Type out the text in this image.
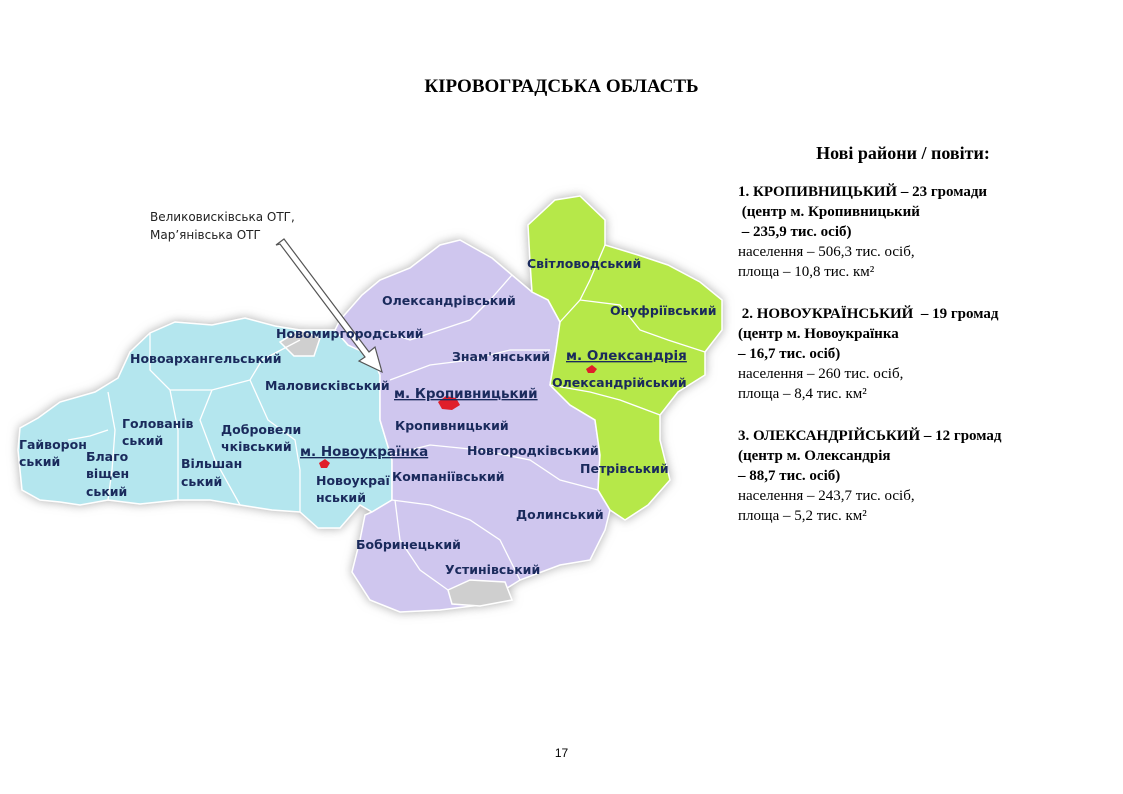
КІРОВОГРАДСЬКА ОБЛАСТЬ
Великовисківська ОТГ,
Мар’янівська ОТГ
Світловодський
Онуфріївський
Олександрівський
Новомиргородський
Знам'янський м. Олександрія
Олександрійський
Новоархангельський
Маловисківський
м. Кропивницький
Кропивницький
Голованів
ський
Добровели
чківський м. Новоукраїнка
Гайворон
ський Благо
віщен
ський
Вільшан
ський	Новоукраї
нський
Новгородківський
Петрівський
Компаніївський
Долинський
Бобринецький
Устинівський
Нові райони / повіти:
1. КРОПИВНИЦЬКИЙ – 23 громади
(центр м. Кропивницький
– 235,9 тис. осіб)
населення – 506,3 тис. осіб,
площа – 10,8 тис. км²
2. НОВОУКРАЇНСЬКИЙ  – 19 громад
(центр м. Новоукраїнка
– 16,7 тис. осіб)
населення – 260 тис. осіб,
площа – 8,4 тис. км²
3. ОЛЕКСАНДРІЙСЬКИЙ – 12 громад
(центр м. Олександрія
– 88,7 тис. осіб)
населення – 243,7 тис. осіб,
площа – 5,2 тис. км²
17
